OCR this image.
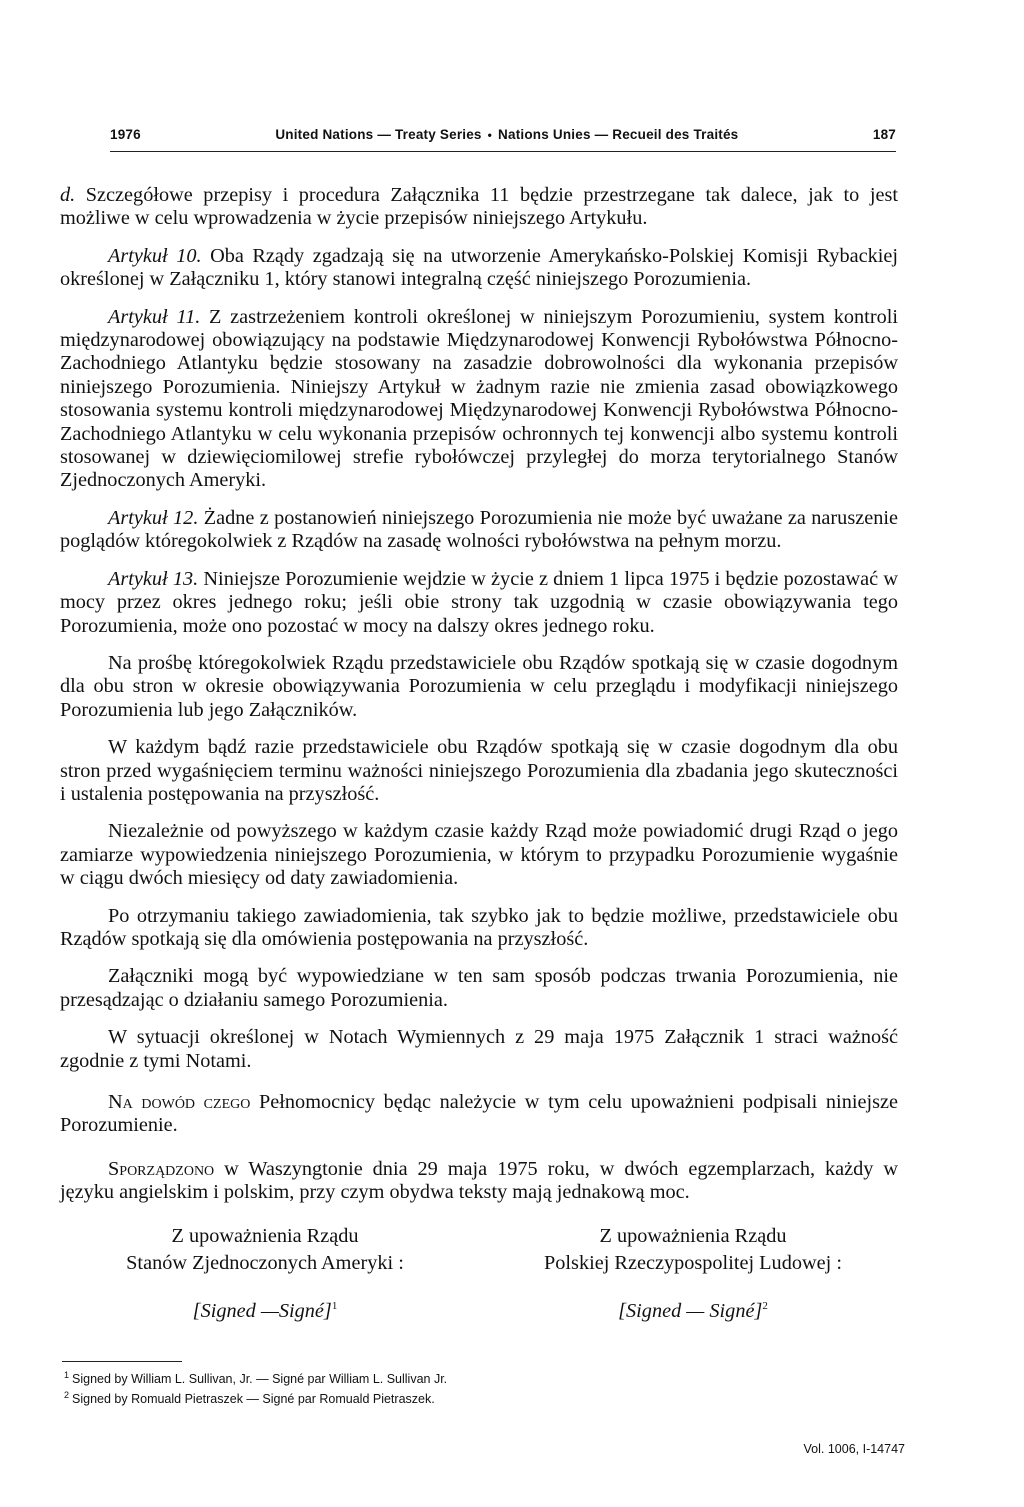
1976	United Nations — Treaty Series • Nations Unies — Recueil des Traités	187

d. Szczegółowe przepisy i procedura Załącznika 11 będzie przestrzegane tak dalece, jak to jest możliwe w celu wprowadzenia w życie przepisów niniejszego Artykułu.

Artykuł 10. Oba Rządy zgadzają się na utworzenie Amerykańsko-Polskiej Komisji Rybackiej określonej w Załączniku 1, który stanowi integralną część niniejszego Porozumienia.

Artykuł 11. Z zastrzeżeniem kontroli określonej w niniejszym Porozumieniu, system kontroli międzynarodowej obowiązujący na podstawie Międzynarodowej Konwencji Rybołówstwa Północno-Zachodniego Atlantyku będzie stosowany na zasadzie dobrowolności dla wykonania przepisów niniejszego Porozumienia. Niniejszy Artykuł w żadnym razie nie zmienia zasad obowiązkowego stosowania systemu kontroli międzynarodowej Międzynarodowej Konwencji Rybołówstwa Północno-Zachodniego Atlantyku w celu wykonania przepisów ochronnych tej konwencji albo systemu kontroli stosowanej w dziewięciomilowej strefie rybołówczej przyległej do morza terytorialnego Stanów Zjednoczonych Ameryki.

Artykuł 12. Żadne z postanowień niniejszego Porozumienia nie może być uważane za naruszenie poglądów któregokolwiek z Rządów na zasadę wolności rybołówstwa na pełnym morzu.

Artykuł 13. Niniejsze Porozumienie wejdzie w życie z dniem 1 lipca 1975 i będzie pozostawać w mocy przez okres jednego roku; jeśli obie strony tak uzgodnią w czasie obowiązywania tego Porozumienia, może ono pozostać w mocy na dalszy okres jednego roku.

Na prośbę któregokolwiek Rządu przedstawiciele obu Rządów spotkają się w czasie dogodnym dla obu stron w okresie obowiązywania Porozumienia w celu przeglądu i modyfikacji niniejszego Porozumienia lub jego Załączników.

W każdym bądź razie przedstawiciele obu Rządów spotkają się w czasie dogodnym dla obu stron przed wygaśnięciem terminu ważności niniejszego Porozumienia dla zbadania jego skuteczności i ustalenia postępowania na przyszłość.

Niezależnie od powyższego w każdym czasie każdy Rząd może powiadomić drugi Rząd o jego zamiarze wypowiedzenia niniejszego Porozumienia, w którym to przypadku Porozumienie wygaśnie w ciągu dwóch miesięcy od daty zawiadomienia.

Po otrzymaniu takiego zawiadomienia, tak szybko jak to będzie możliwe, przedstawiciele obu Rządów spotkają się dla omówienia postępowania na przyszłość.

Załączniki mogą być wypowiedziane w ten sam sposób podczas trwania Porozumienia, nie przesądzając o działaniu samego Porozumienia.

W sytuacji określonej w Notach Wymiennych z 29 maja 1975 Załącznik 1 straci ważność zgodnie z tymi Notami.

Na dowód czego Pełnomocnicy będąc należycie w tym celu upoważnieni podpisali niniejsze Porozumienie.

Sporządzono w Waszyngtonie dnia 29 maja 1975 roku, w dwóch egzemplarzach, każdy w języku angielskim i polskim, przy czym obydwa teksty mają jednakową moc.

Z upoważnienia Rządu
Stanów Zjednoczonych Ameryki :
[Signed —Signé]$^1$
Z upoważnienia Rządu
Polskiej Rzeczypospolitej Ludowej :
[Signed — Signé]$^2$
$^1$ Signed by William L. Sullivan, Jr. — Signé par William L. Sullivan Jr.
$^2$ Signed by Romuald Pietraszek — Signé par Romuald Pietraszek.
Vol. 1006, I-14747
